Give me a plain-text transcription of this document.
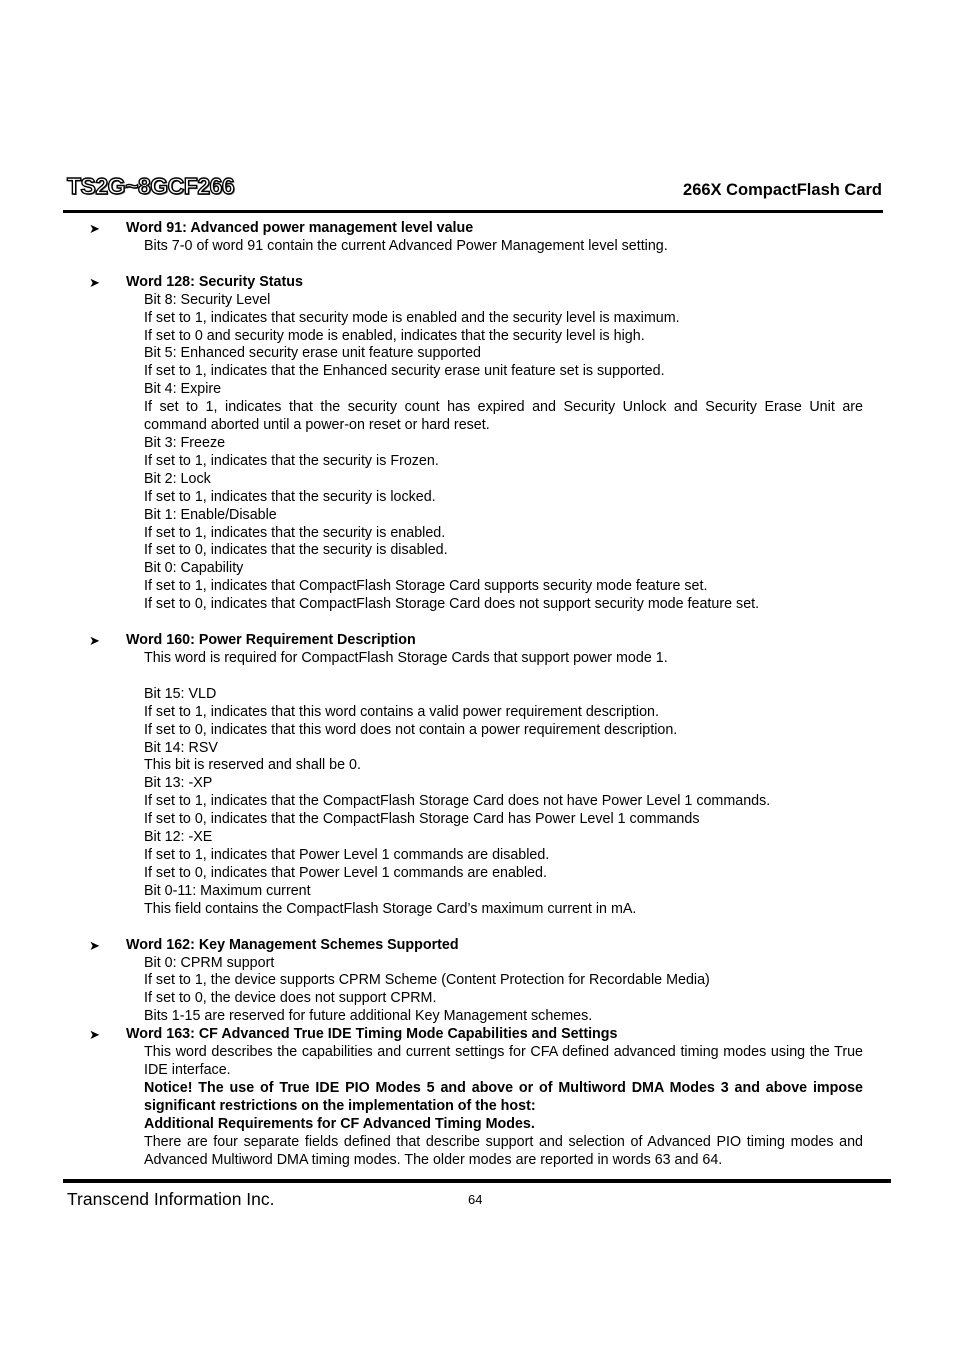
TS2G~8GCF266	266X CompactFlash Card
➤	Word 91: Advanced power management level value
Bits 7-0 of word 91 contain the current Advanced Power Management level setting.
➤	Word 128: Security Status
Bit 8: Security Level
If set to 1, indicates that security mode is enabled and the security level is maximum.
If set to 0 and security mode is enabled, indicates that the security level is high.
Bit 5: Enhanced security erase unit feature supported
If set to 1, indicates that the Enhanced security erase unit feature set is supported.
Bit 4: Expire
If set to 1, indicates that the security count has expired and Security Unlock and Security Erase Unit are command aborted until a power-on reset or hard reset.
Bit 3: Freeze
If set to 1, indicates that the security is Frozen.
Bit 2: Lock
If set to 1, indicates that the security is locked.
Bit 1: Enable/Disable
If set to 1, indicates that the security is enabled.
If set to 0, indicates that the security is disabled.
Bit 0: Capability
If set to 1, indicates that CompactFlash Storage Card supports security mode feature set.
If set to 0, indicates that CompactFlash Storage Card does not support security mode feature set.
➤	Word 160: Power Requirement Description
This word is required for CompactFlash Storage Cards that support power mode 1.
Bit 15: VLD
If set to 1, indicates that this word contains a valid power requirement description.
If set to 0, indicates that this word does not contain a power requirement description.
Bit 14: RSV
This bit is reserved and shall be 0.
Bit 13: -XP
If set to 1, indicates that the CompactFlash Storage Card does not have Power Level 1 commands.
If set to 0, indicates that the CompactFlash Storage Card has Power Level 1 commands
Bit 12: -XE
If set to 1, indicates that Power Level 1 commands are disabled.
If set to 0, indicates that Power Level 1 commands are enabled.
Bit 0-11: Maximum current
This field contains the CompactFlash Storage Card’s maximum current in mA.
➤	Word 162: Key Management Schemes Supported
Bit 0: CPRM support
If set to 1, the device supports CPRM Scheme (Content Protection for Recordable Media)
If set to 0, the device does not support CPRM.
Bits 1-15 are reserved for future additional Key Management schemes.
➤	Word 163: CF Advanced True IDE Timing Mode Capabilities and Settings
This word describes the capabilities and current settings for CFA defined advanced timing modes using the True IDE interface.
Notice! The use of True IDE PIO Modes 5 and above or of Multiword DMA Modes 3 and above impose significant restrictions on the implementation of the host:
Additional Requirements for CF Advanced Timing Modes.
There are four separate fields defined that describe support and selection of Advanced PIO timing modes and Advanced Multiword DMA timing modes. The older modes are reported in words 63 and 64.
Transcend Information Inc.	64
